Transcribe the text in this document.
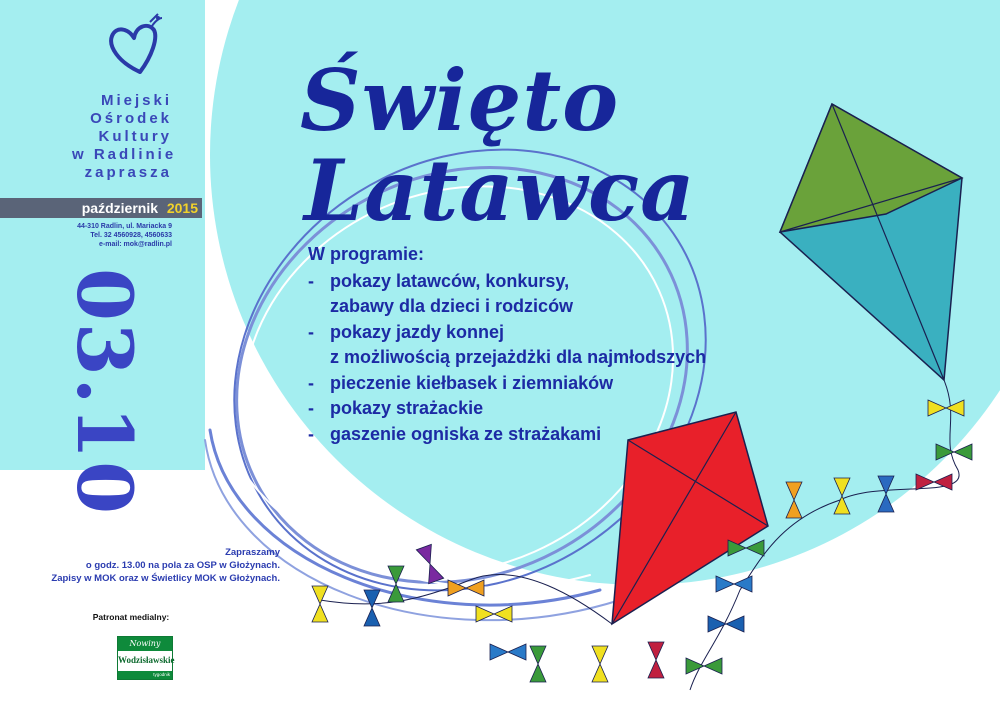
Miejski
Ośrodek
Kultury
w Radlinie
zaprasza
październik 2015
44-310 Radlin, ul. Mariacka 9
Tel. 32 4560928, 4560633
e-mail: mok@radlin.pl
03.10
Święto
Latawca
W programie:
- pokazy latawców, konkursy,
zabawy dla dzieci i rodziców
- pokazy jazdy konnej
z możliwością przejażdżki dla najmłodszych
- pieczenie kiełbasek i ziemniaków
- pokazy strażackie
- gaszenie ogniska ze strażakami
Zapraszamy
o godz. 13.00 na pola za OSP w Głożynach.
Zapisy w MOK oraz w Świetlicy MOK w Głożynach.
Patronat medialny:
Nowiny
Wodzisławskie
tygodnik
